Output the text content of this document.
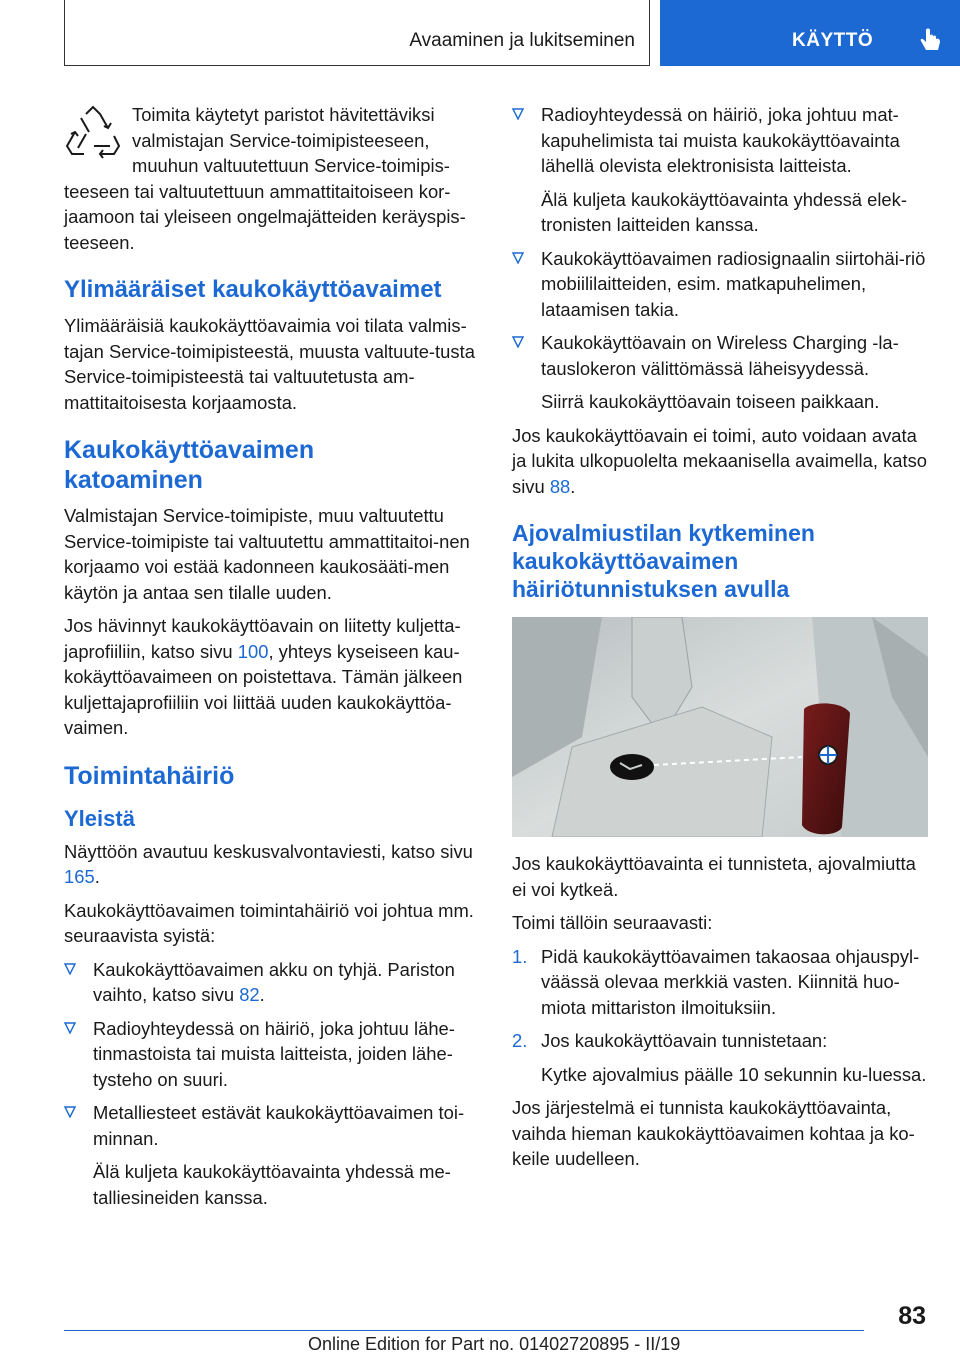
Avaaminen ja lukitseminen	KÄYTTÖ

Toimita käytetyt paristot hävitettäviksi
valmistajan Service-toimipisteeseen,
muuhun valtuutettuun Service-toimipis-
teeseen tai valtuutettuun ammattitaitoiseen kor-jaamoon tai yleiseen ongelmajätteiden keräyspis-teeseen.

Ylimääräiset kaukokäyttöavaimet

Ylimääräisiä kaukokäyttöavaimia voi tilata valmis-tajan Service-toimipisteestä, muusta valtuute-tusta Service-toimipisteestä tai valtuutetusta am-mattitaitoisesta korjaamosta.

Kaukokäyttöavaimen katoaminen

Valmistajan Service-toimipiste, muu valtuutettu Service-toimipiste tai valtuutettu ammattitaitoi-nen korjaamo voi estää kadonneen kaukosääti-men käytön ja antaa sen tilalle uuden.

Jos hävinnyt kaukokäyttöavain on liitetty kuljetta-japrofiiliin, katso sivu 100, yhteys kyseiseen kau-kokäyttöavaimeen on poistettava. Tämän jälkeen kuljettajaprofiiliin voi liittää uuden kaukokäyttöa-vaimen.

Toimintahäiriö
Yleistä

Näyttöön avautuu keskusvalvontaviesti, katso sivu 165.

Kaukokäyttöavaimen toimintahäiriö voi johtua mm. seuraavista syistä:

Kaukokäyttöavaimen akku on tyhjä. Pariston vaihto, katso sivu 82.

Radioyhteydessä on häiriö, joka johtuu lähe-tinmastoista tai muista laitteista, joiden lähe-tysteho on suuri.

Metalliesteet estävät kaukokäyttöavaimen toi-minnan.

Älä kuljeta kaukokäyttöavainta yhdessä me-talliesineiden kanssa.

Radioyhteydessä on häiriö, joka johtuu mat-kapuhelimista tai muista kaukokäyttöavainta lähellä olevista elektronisista laitteista.

Älä kuljeta kaukokäyttöavainta yhdessä elek-tronisten laitteiden kanssa.

Kaukokäyttöavaimen radiosignaalin siirtohäi-riö mobiililaitteiden, esim. matkapuhelimen, lataamisen takia.

Kaukokäyttöavain on Wireless Charging -la-tauslokeron välittömässä läheisyydessä.

Siirrä kaukokäyttöavain toiseen paikkaan.

Jos kaukokäyttöavain ei toimi, auto voidaan avata ja lukita ulkopuolelta mekaanisella avaimella, katso sivu 88.

Ajovalmiustilan kytkeminen kaukokäyttöavaimen häiriötunnistuksen avulla

Jos kaukokäyttöavainta ei tunnisteta, ajovalmiutta ei voi kytkeä.

Toimi tällöin seuraavasti:

1. Pidä kaukokäyttöavaimen takaosaa ohjauspyl-väässä olevaa merkkiä vasten. Kiinnitä huo-miota mittariston ilmoituksiin.

2. Jos kaukokäyttöavain tunnistetaan:

Kytke ajovalmius päälle 10 sekunnin ku-luessa.

Jos järjestelmä ei tunnista kaukokäyttöavainta, vaihda hieman kaukokäyttöavaimen kohtaa ja ko-keile uudelleen.

83
Online Edition for Part no. 01402720895 - II/19
